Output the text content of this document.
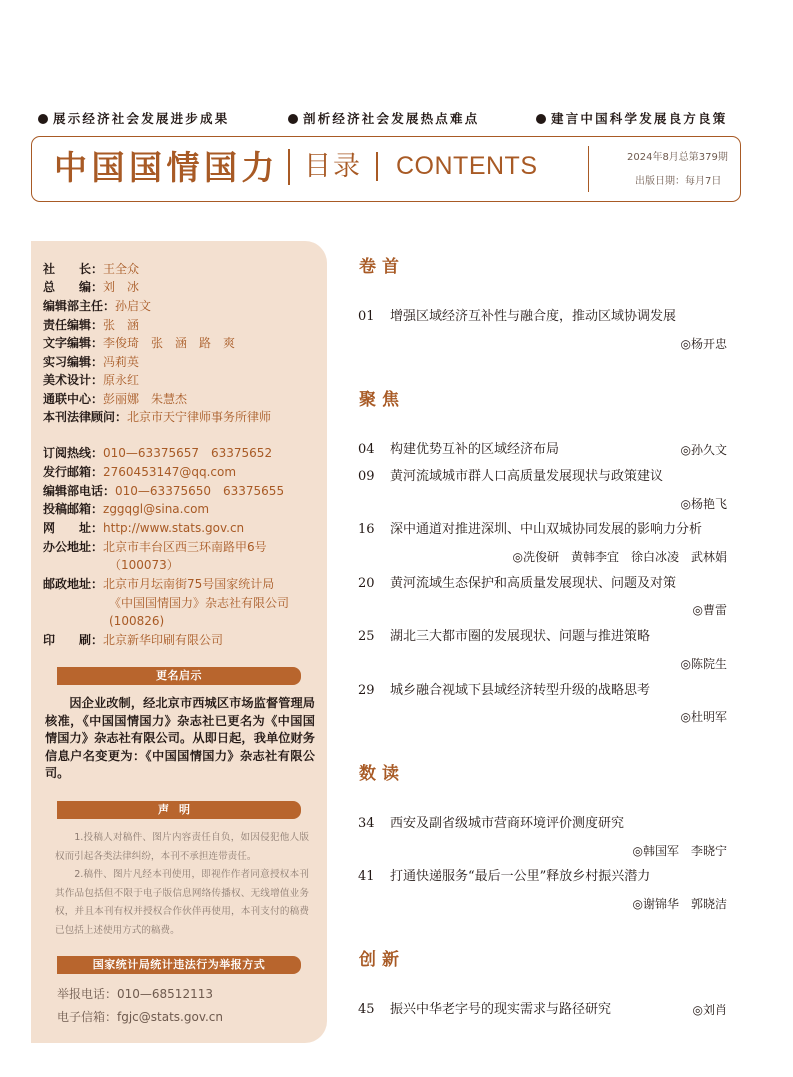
展示经济社会发展进步成果	剖析经济社会发展热点难点	建言中国科学发展良方良策
中国国情国力 目录 CONTENTS	2024年8月总第379期
出版日期：每月7日
社　　长：王全众
总　　编：刘　冰
编辑部主任：孙启文
责任编辑：张　涵
文字编辑：李俊琦　张　涵　路　爽
实习编辑：冯莉英
美术设计：原永红
通联中心：彭丽娜　朱慧杰
本刊法律顾问：北京市天宁律师事务所律师
订阅热线：010—63375657　63375652
发行邮箱：2760453147@qq.com
编辑部电话：010—63375650　63375655
投稿邮箱：zggqgl@sina.com
网　　址：http://www.stats.gov.cn
办公地址：北京市丰台区西三环南路甲6号
（100073）
邮政地址：北京市月坛南街75号国家统计局
《中国国情国力》杂志社有限公司
(100826)
印　　刷：北京新华印刷有限公司
更名启示
因企业改制，经北京市西城区市场监督管理局核准，《中国国情国力》杂志社已更名为《中国国情国力》杂志社有限公司。从即日起，我单位财务信息户名变更为：《中国国情国力》杂志社有限公司。
声明

1.投稿人对稿件、图片内容责任自负，如因侵犯他人版权而引起各类法律纠纷，本刊不承担连带责任。

2.稿件、图片凡经本刊使用，即视作作者同意授权本刊其作品包括但不限于电子版信息网络传播权、无线增值业务权，并且本刊有权并授权合作伙伴再使用，本刊支付的稿费已包括上述使用方式的稿费。

国家统计局统计违法行为举报方式
举报电话：010—68512113
电子信箱：fgjc@stats.gov.cn
卷首
01 增强区域经济互补性与融合度，推动区域协调发展
◎杨开忠
聚焦
04 构建优势互补的区域经济布局	◎孙久文
09 黄河流域城市群人口高质量发展现状与政策建议
◎杨艳飞
16 深中通道对推进深圳、中山双城协同发展的影响力分析
◎冼俊研　黄韩李宜　徐白冰凌　武林娟
20 黄河流域生态保护和高质量发展现状、问题及对策
◎曹雷
25 湖北三大都市圈的发展现状、问题与推进策略
◎陈院生
29 城乡融合视域下县域经济转型升级的战略思考
◎杜明军
数读
34 西安及副省级城市营商环境评价测度研究
◎韩国军　李晓宁
41 打通快递服务“最后一公里”释放乡村振兴潜力
◎谢锦华　郭晓洁
创新
45 振兴中华老字号的现实需求与路径研究	◎刘肖
